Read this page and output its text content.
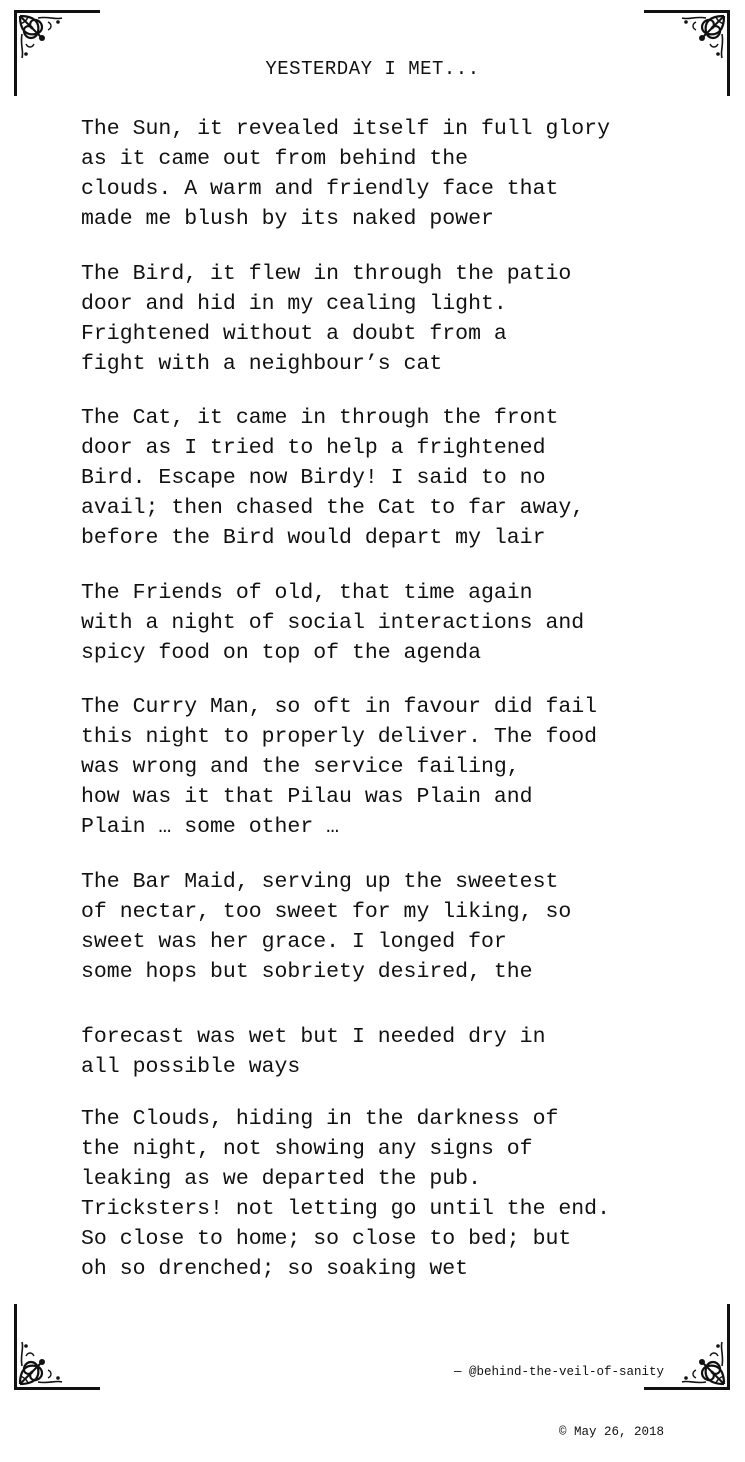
YESTERDAY I MET...

The Sun, it revealed itself in full glory
as it came out from behind the
clouds. A warm and friendly face that
made me blush by its naked power

The Bird, it flew in through the patio
door and hid in my cealing light.
Frightened without a doubt from a
fight with a neighbour’s cat

The Cat, it came in through the front
door as I tried to help a frightened
Bird. Escape now Birdy! I said to no
avail; then chased the Cat to far away,
before the Bird would depart my lair

The Friends of old, that time again
with a night of social interactions and
spicy food on top of the agenda

The Curry Man, so oft in favour did fail
this night to properly deliver. The food
was wrong and the service failing,
how was it that Pilau was Plain and
Plain … some other …

The Bar Maid, serving up the sweetest
of nectar, too sweet for my liking, so
sweet was her grace. I longed for
some hops but sobriety desired, the

forecast was wet but I needed dry in
all possible ways

The Clouds, hiding in the darkness of
the night, not showing any signs of
leaking as we departed the pub.
Tricksters! not letting go until the end.
So close to home; so close to bed; but
oh so drenched; so soaking wet

— @behind-the-veil-of-sanity

© May 26, 2018
